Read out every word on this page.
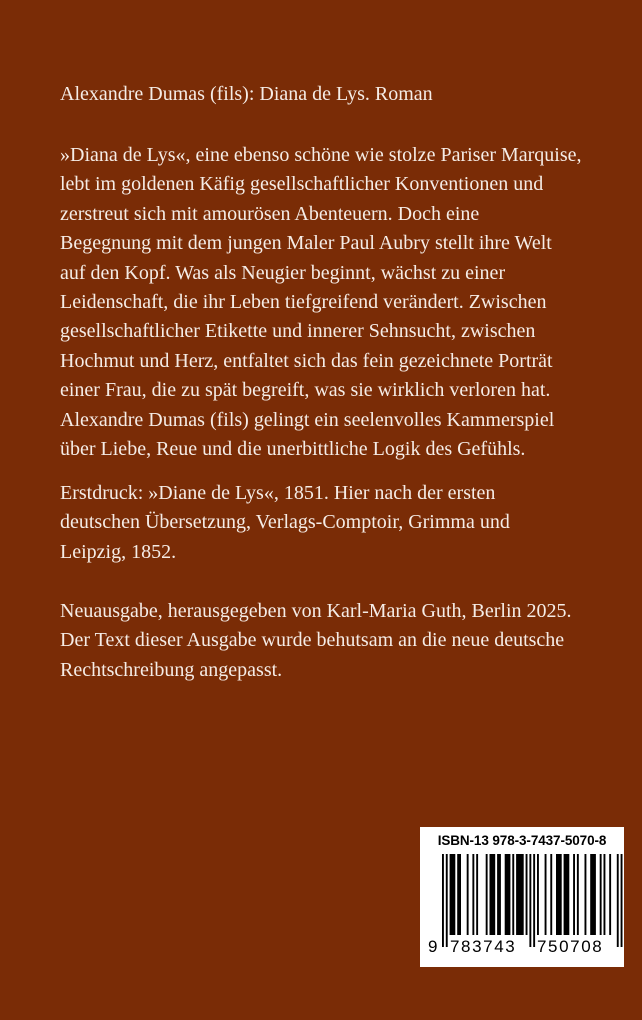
Alexandre Dumas (fils): Diana de Lys. Roman

»Diana de Lys«, eine ebenso schöne wie stolze Pariser Marquise,
lebt im goldenen Käfig gesellschaftlicher Konventionen und
zerstreut sich mit amourösen Abenteuern. Doch eine
Begegnung mit dem jungen Maler Paul Aubry stellt ihre Welt
auf den Kopf. Was als Neugier beginnt, wächst zu einer
Leidenschaft, die ihr Leben tiefgreifend verändert. Zwischen
gesellschaftlicher Etikette und innerer Sehnsucht, zwischen
Hochmut und Herz, entfaltet sich das fein gezeichnete Porträt
einer Frau, die zu spät begreift, was sie wirklich verloren hat.
Alexandre Dumas (fils) gelingt ein seelenvolles Kammerspiel
über Liebe, Reue und die unerbittliche Logik des Gefühls.
Erstdruck: »Diane de Lys«, 1851. Hier nach der ersten
deutschen Übersetzung, Verlags-Comptoir, Grimma und
Leipzig, 1852.
Neuausgabe, herausgegeben von Karl-Maria Guth, Berlin 2025.
Der Text dieser Ausgabe wurde behutsam an die neue deutsche
Rechtschreibung angepasst.
ISBN-13 978-3-7437-5070-8
9 783743 750708
